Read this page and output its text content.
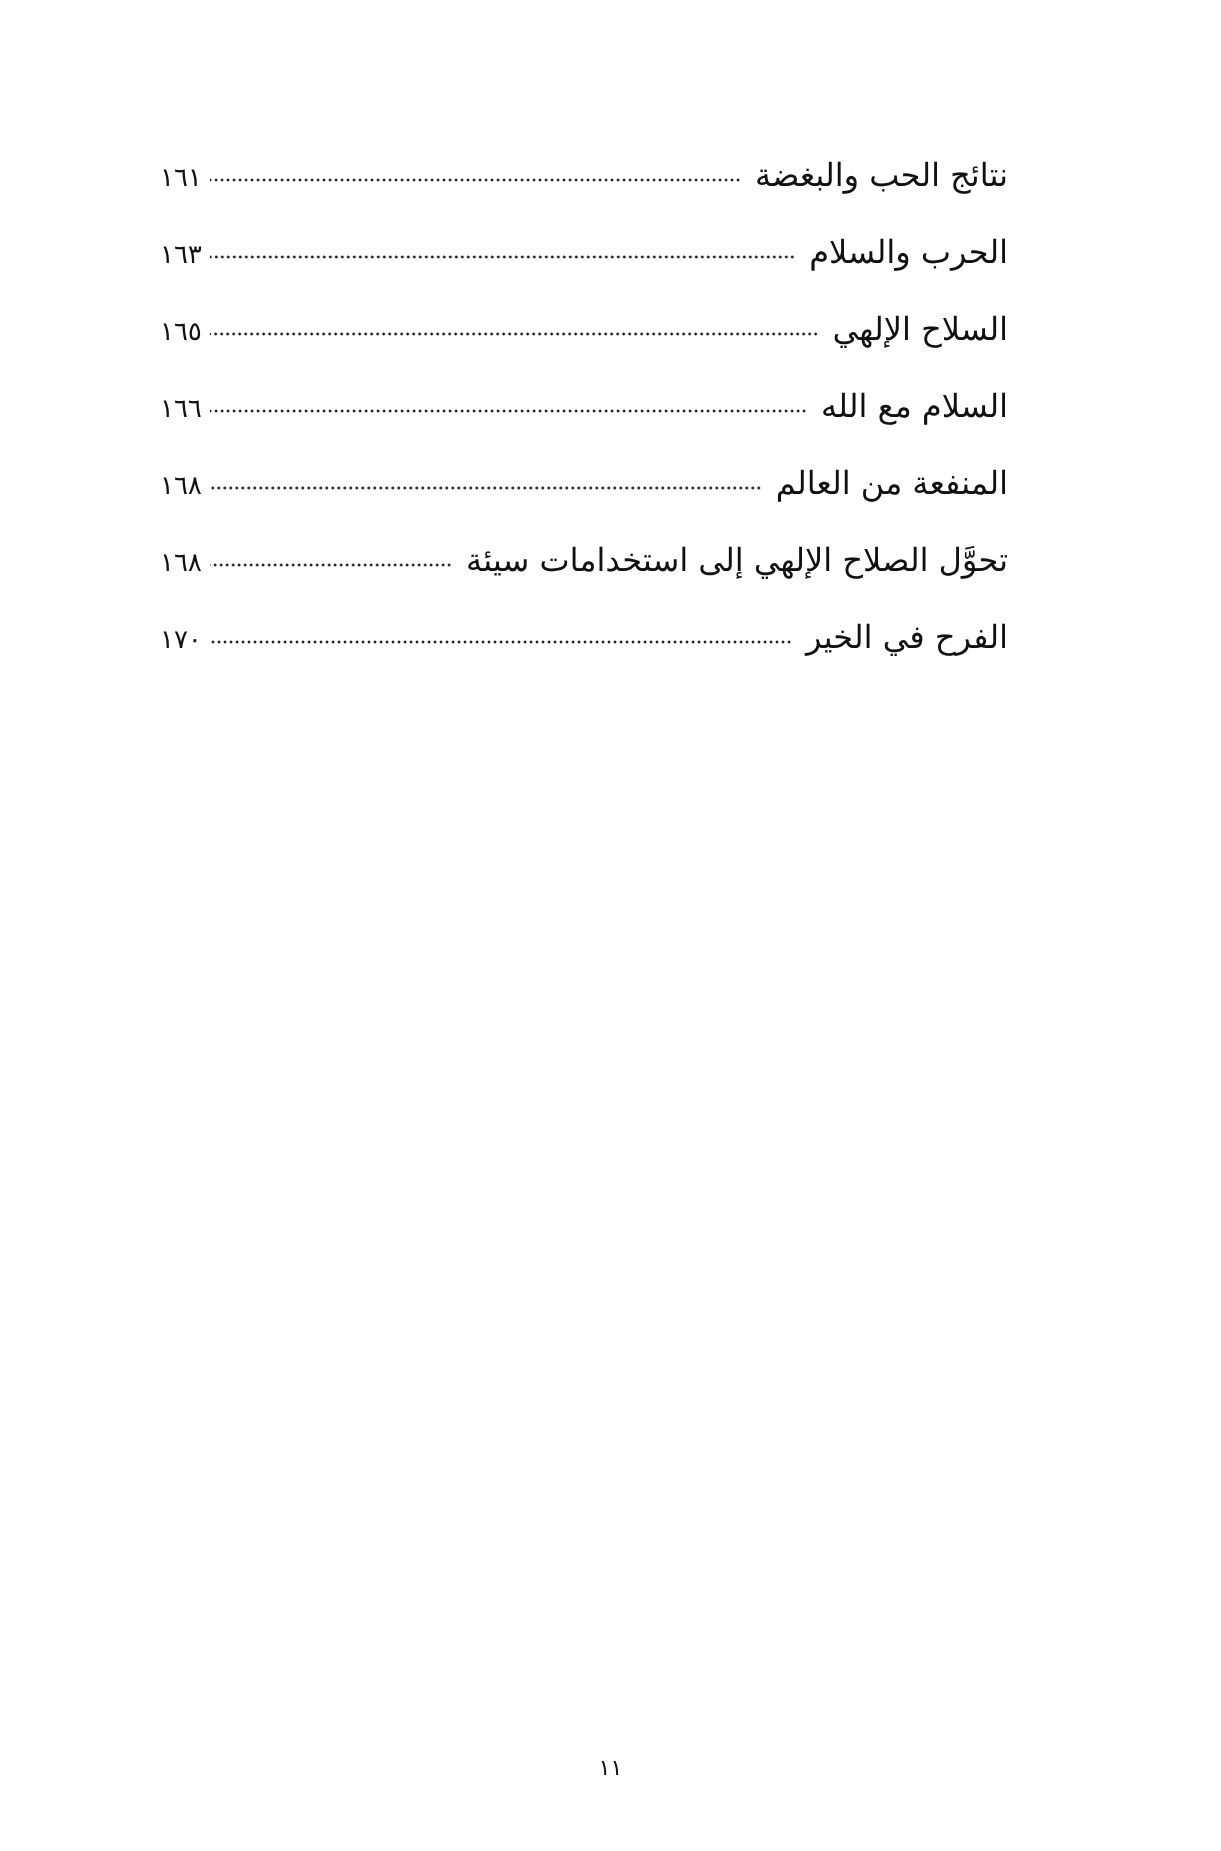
نتائج الحب والبغضة
١٦١
الحرب والسلام
١٦٣
السلاح الإلهي
١٦٥
السلام مع الله
١٦٦
المنفعة من العالم
١٦٨
تحوَّل الصلاح الإلهي إلى استخدامات سيئة
١٦٨
الفرح في الخير
١٧٠
١١
